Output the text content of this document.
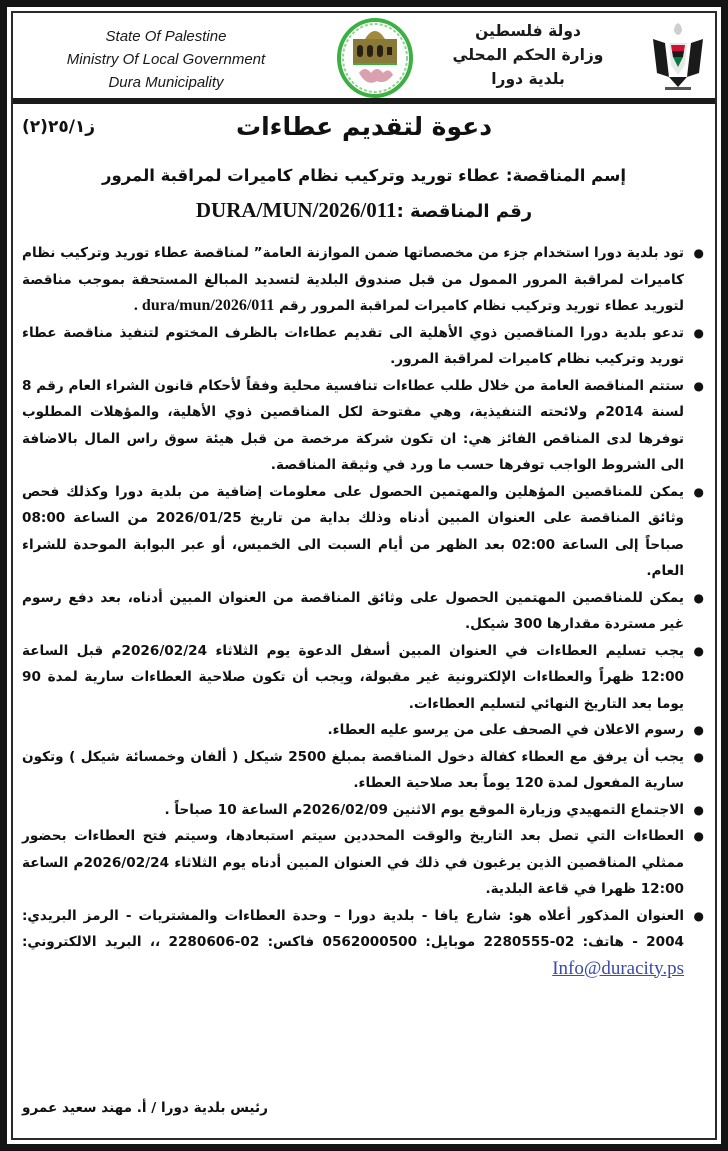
State Of Palestine
Ministry Of Local Government
Dura Municipality
دولة فلسطين
وزارة الحكم المحلي
بلدية دورا
ز٢٥/١(٢)	دعوة لتقديم عطاءات
إسم المناقصة: عطاء توريد وتركيب نظام كاميرات لمراقبة المرور
رقم المناقصة :DURA/MUN/2026/011
●
تود بلدية دورا استخدام جزء من مخصصاتها ضمن الموازنة العامة” لمناقصة عطاء توريد وتركيب نظام كاميرات لمراقبة المرور الممول من قبل صندوق البلدية لتسديد المبالغ المستحقة بموجب مناقصة لتوريد عطاء توريد وتركيب نظام كاميرات لمراقبة المرور رقم dura/mun/2026/011 .
●
تدعو بلدية دورا المناقصين ذوي الأهلية الى تقديم عطاءات بالظرف المختوم لتنفيذ مناقصة عطاء توريد وتركيب نظام كاميرات لمراقبة المرور.
●
ستتم المناقصة العامة من خلال طلب عطاءات تنافسية محلية وفقاً لأحكام قانون الشراء العام رقم 8 لسنة 2014م ولائحته التنفيذية، وهي مفتوحة لكل المناقصين ذوي الأهلية، والمؤهلات المطلوب توفرها لدى المناقص الفائز هي: ان تكون شركة مرخصة من قبل هيئة سوق راس المال بالاضافة الى الشروط الواجب توفرها حسب ما ورد في وثيقة المناقصة.
●
يمكن للمناقصين المؤهلين والمهتمين الحصول على معلومات إضافية من بلدية دورا وكذلك فحص وثائق المناقصة على العنوان المبين أدناه وذلك بداية من تاريخ 2026/01/25 من الساعة 08:00 صباحاً إلى الساعة 02:00 بعد الظهر من أيام السبت الى الخميس، أو عبر البوابة الموحدة للشراء العام.
●
يمكن للمناقصين المهتمين الحصول على وثائق المناقصة من العنوان المبين أدناه، بعد دفع رسوم غير مستردة مقدارها 300 شيكل.
●
يجب تسليم العطاءات في العنوان المبين أسفل الدعوة يوم الثلاثاء 2026/02/24م قبل الساعة 12:00 ظهراً والعطاءات الإلكترونية غير مقبولة، ويجب أن تكون صلاحية العطاءات سارية لمدة 90 يوما بعد التاريخ النهائي لتسليم العطاءات.
●
رسوم الاعلان في الصحف على من يرسو عليه العطاء.
●
يجب أن يرفق مع العطاء كفالة دخول المناقصة بمبلغ 2500 شيكل ( ألفان وخمسائة شيكل ) وتكون سارية المفعول لمدة 120 يوماً بعد صلاحية العطاء.
●
الاجتماع التمهيدي وزيارة الموقع يوم الاثنين 2026/02/09م الساعة 10 صباحاً .
●
العطاءات التي تصل بعد التاريخ والوقت المحددين سيتم استبعادها، وسيتم فتح العطاءات بحضور ممثلي المناقصين الذين يرغبون في ذلك في العنوان المبين أدناه يوم الثلاثاء 2026/02/24م الساعة 12:00 ظهرا في قاعة البلدية.
●
العنوان المذكور أعلاه هو: شارع يافا - بلدية دورا – وحدة العطاءات والمشتريات - الرمز البريدي: 2004 - هاتف: 02-2280555 موبايل: 0562000500 فاكس: 02-2280606 ،، البريد الالكتروني: Info@duracity.ps
رئيس بلدية دورا / أ. مهند سعيد عمرو
